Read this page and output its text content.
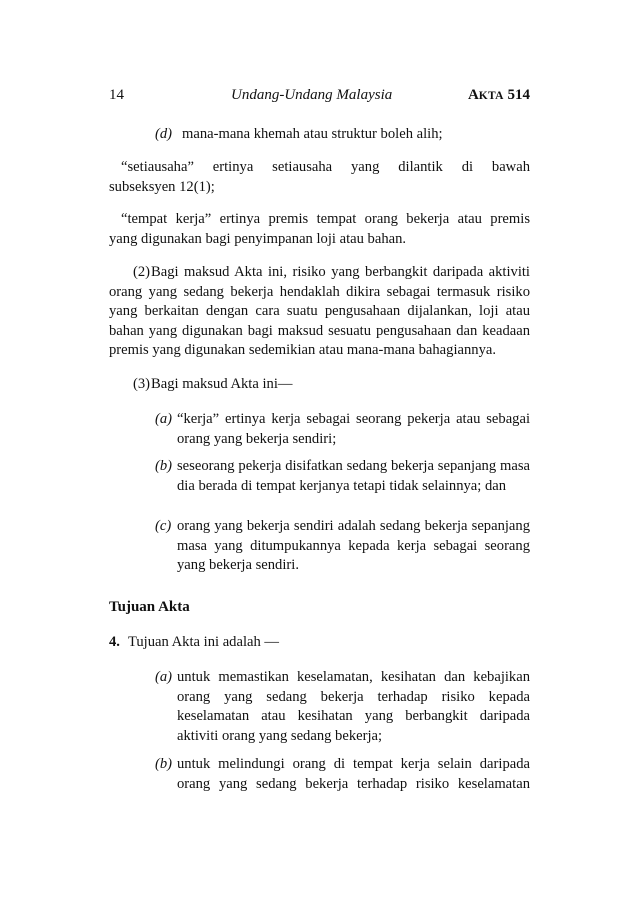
14	Undang-Undang Malaysia	AKTA 514
(d) mana-mana khemah atau struktur boleh alih;
“setiausaha” ertinya setiausaha yang dilantik di bawah
subseksyen 12(1);
“tempat kerja” ertinya premis tempat orang bekerja atau premis
yang digunakan bagi penyimpanan loji atau bahan.
(2)Bagi maksud Akta ini, risiko yang berbangkit daripada aktiviti orang yang sedang bekerja hendaklah dikira sebagai termasuk risiko yang berkaitan dengan cara suatu pengusahaan dijalankan, loji atau bahan yang digunakan bagi maksud sesuatu pengusahaan dan keadaan premis yang digunakan sedemikian atau mana-mana bahagiannya.
(3)Bagi maksud Akta ini—
(a) “kerja” ertinya kerja sebagai seorang pekerja atau sebagai orang yang bekerja sendiri;
(b) seseorang pekerja disifatkan sedang bekerja sepanjang masa dia berada di tempat kerjanya tetapi tidak selainnya; dan
(c) orang yang bekerja sendiri adalah sedang bekerja sepanjang masa yang ditumpukannya kepada kerja sebagai seorang yang bekerja sendiri.
Tujuan Akta
4. Tujuan Akta ini adalah —
(a) untuk memastikan keselamatan, kesihatan dan kebajikan orang yang sedang bekerja terhadap risiko kepada keselamatan atau kesihatan yang berbangkit daripada aktiviti orang yang sedang bekerja;
(b) untuk melindungi orang di tempat kerja selain daripada orang yang sedang bekerja terhadap risiko keselamatan
